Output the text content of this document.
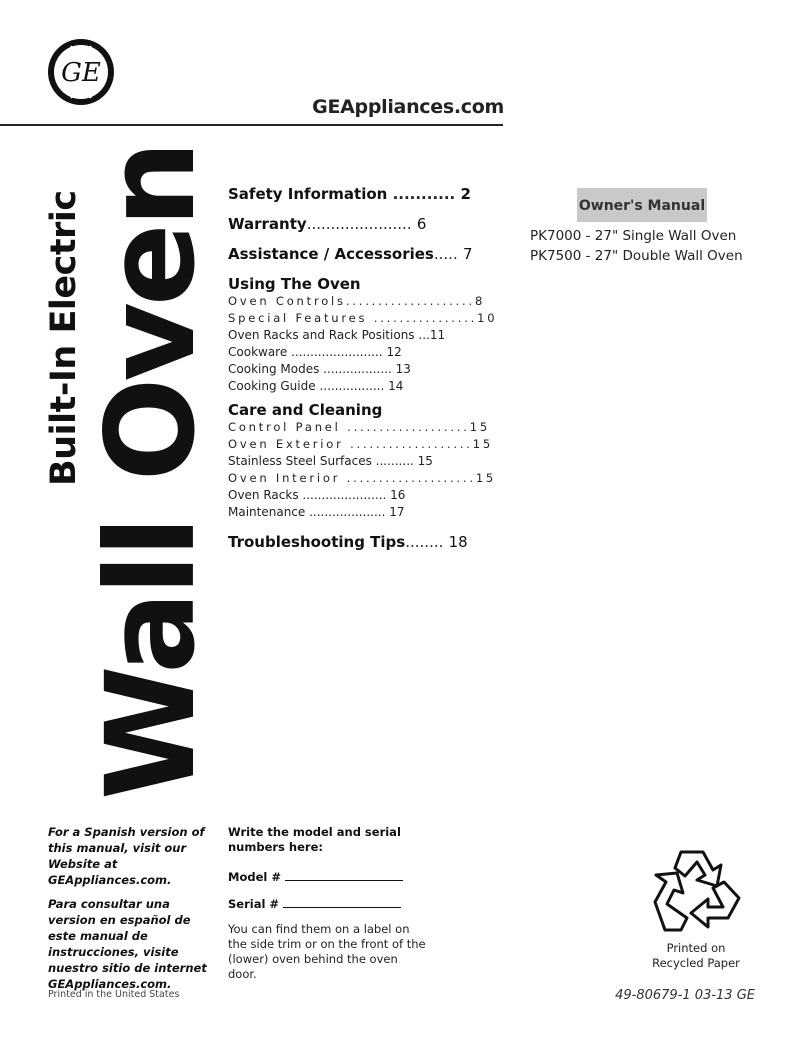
GE
GEAppliances.com
Built-In Electric
Wall Oven Safety Information ........... 2
Warranty...................... 6
Assistance / Accessories..... 7
Using The Oven
Oven Controls....................8
Special Features ................10
Oven Racks and Rack Positions ...11
Cookware ........................ 12
Cooking Modes .................. 13
Cooking Guide ................. 14
Care and Cleaning
Control Panel ...................15
Oven Exterior ...................15
Stainless Steel Surfaces .......... 15
Oven Interior ....................15
Oven Racks ...................... 16
Maintenance .................... 17
Troubleshooting Tips........ 18
Owner's Manual
PK7000 - 27" Single Wall Oven
PK7500 - 27" Double Wall Oven

For a Spanish version of this manual, visit our Website at GEAppliances.com.

Para consultar una version en español de este manual de instrucciones, visite nuestro sitio de internet GEAppliances.com.

Write the model and serial numbers here:
Model #
Serial #
You can find them on a label on the side trim or on the front of the (lower) oven behind the oven door.
Printed on Recycled Paper
Printed in the United States	49-80679-1 03-13 GE
